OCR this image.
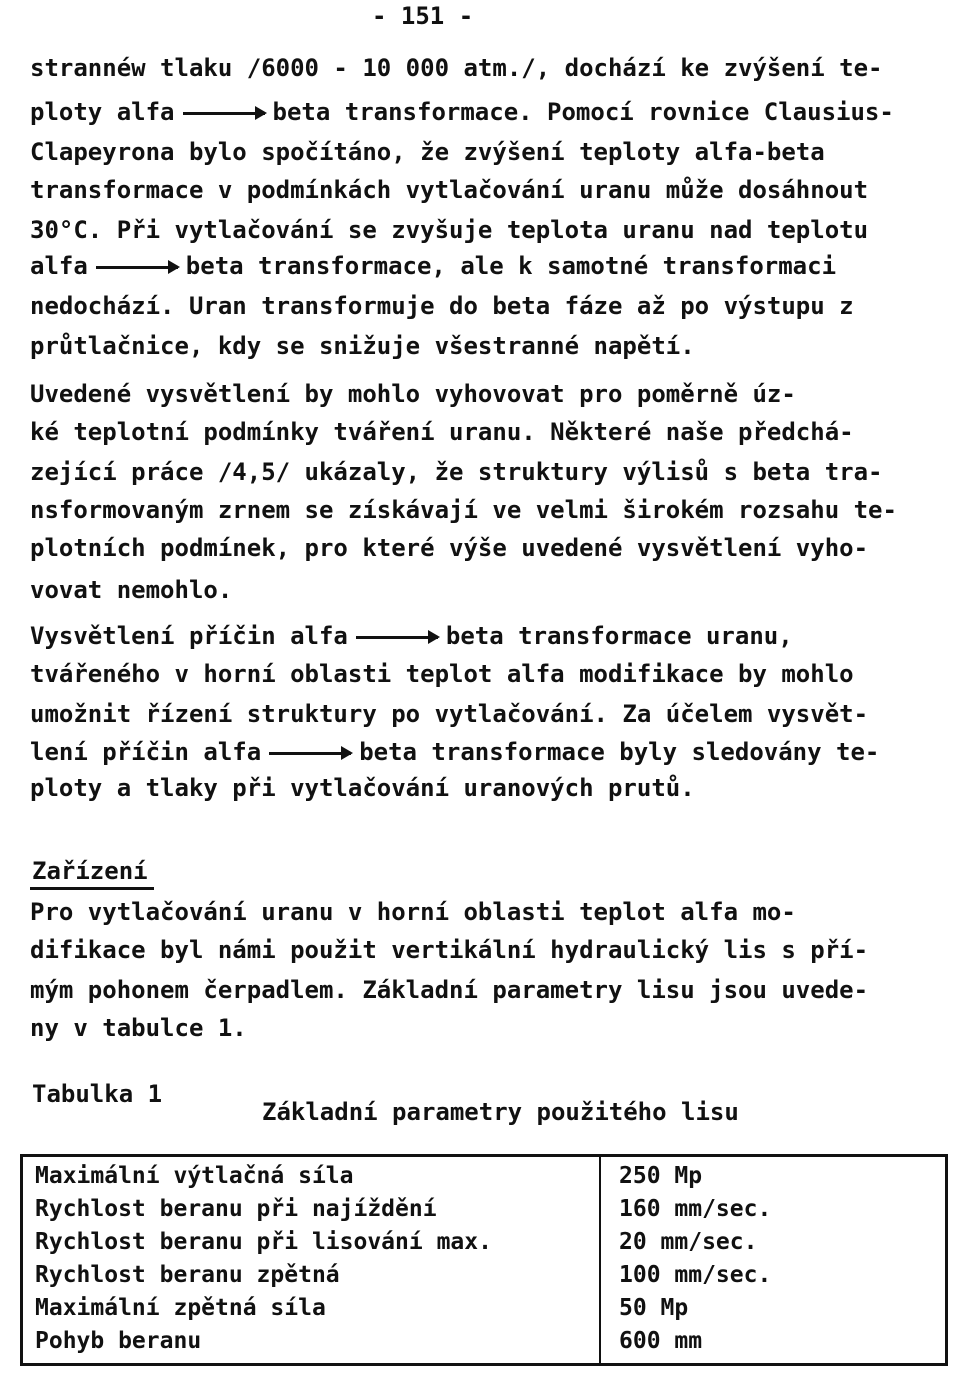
- 151 -
strannéw tlaku /6000 - 10 000 atm./, dochází ke zvýšení te-
ploty alfa	beta transformace. Pomocí rovnice Clausius-
Clapeyrona bylo spočítáno, že zvýšení teploty alfa-beta
transformace v podmínkách vytlačování uranu může dosáhnout
30°C. Při vytlačování se zvyšuje teplota uranu nad teplotu
alfa	beta transformace, ale k samotné transformaci
nedochází. Uran transformuje do beta fáze až po výstupu z
průtlačnice, kdy se snižuje všestranné napětí.
Uvedené vysvětlení by mohlo vyhovovat pro poměrně úz-
ké teplotní podmínky tváření uranu. Některé naše předchá-
zející práce /4,5/ ukázaly, že struktury výlisů s beta tra-
nsformovaným zrnem se získávají ve velmi širokém rozsahu te-
plotních podmínek, pro které výše uvedené vysvětlení vyho-
vovat nemohlo.
Vysvětlení příčin alfa	beta transformace uranu,
tvářeného v horní oblasti teplot alfa modifikace by mohlo
umožnit řízení struktury po vytlačování. Za účelem vysvět-
lení příčin alfa	beta transformace byly sledovány te-
ploty a tlaky při vytlačování uranových prutů.
Zařízení
Pro vytlačování uranu v horní oblasti teplot alfa mo-
difikace byl námi použit vertikální hydraulický lis s pří-
mým pohonem čerpadlem. Základní parametry lisu jsou uvede-
ny v tabulce 1.
Tabulka 1
Základní parametry použitého lisu
Maximální výtlačná síla	250 Mp
Rychlost beranu při najíždění	160 mm/sec.
Rychlost beranu při lisování max.	20 mm/sec.
Rychlost beranu zpětná	100 mm/sec.
Maximální zpětná síla	50 Mp
Pohyb beranu	600 mm
